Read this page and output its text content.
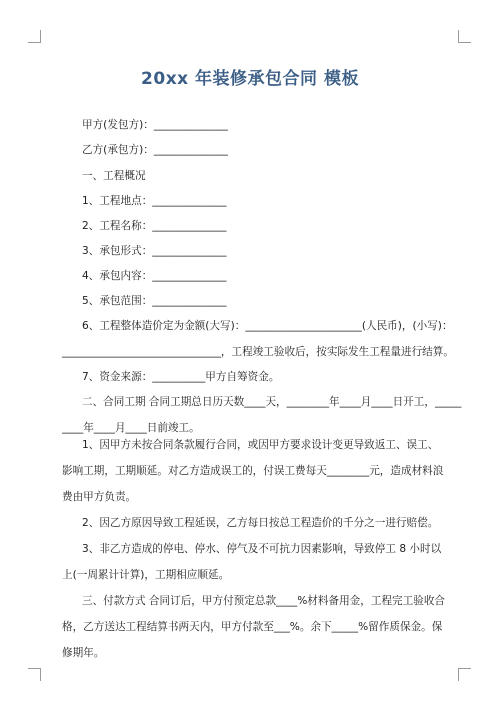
20xx 年装修承包合同 模板
甲方(发包方)：______________
乙方(承包方)：______________
一、工程概况
1、工程地点：______________
2、工程名称：______________
3、承包形式：______________
4、承包内容：______________
5、承包范围：______________
6、工程整体造价定为金额(大写)：______________________(人民币)，(小写)：
______________________________，工程竣工验收后，按实际发生工程量进行结算。
7、资金来源：__________甲方自筹资金。
二、合同工期 合同工期总日历天数____天，________年____月____日开工，_____
____年____月____日前竣工。
1、因甲方未按合同条款履行合同，或因甲方要求设计变更导致返工、误工、影响工期，工期顺延。对乙方造成误工的，付误工费每天________元，造成材料浪费由甲方负责。
2、因乙方原因导致工程延误，乙方每日按总工程造价的千分之一进行赔偿。
3、非乙方造成的停电、停水、停气及不可抗力因素影响，导致停工 8 小时以上(一周累计计算)，工期相应顺延。
三、付款方式 合同订后，甲方付预定总款____%材料备用金，工程完工验收合格，乙方送达工程结算书两天内，甲方付款至___%。余下_____%留作质保金。保修期年。
